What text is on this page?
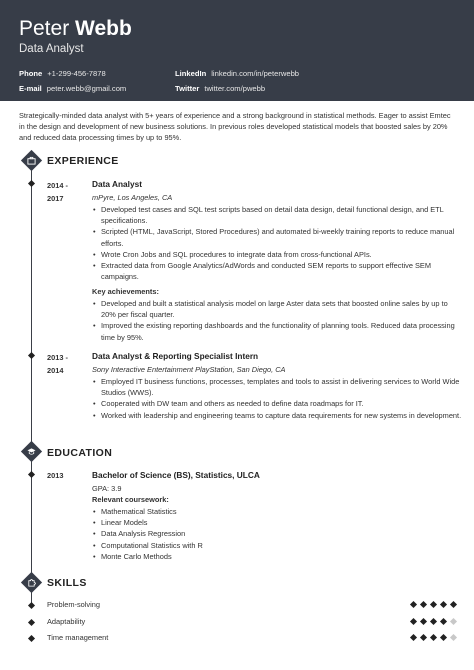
Peter Webb
Data Analyst
Phone +1-299-456-7878
E-mail peter.webb@gmail.com
LinkedIn linkedin.com/in/peterwebb
Twitter twitter.com/pwebb
Strategically-minded data analyst with 5+ years of experience and a strong background in statistical methods. Eager to assist Emtec in the design and development of new business solutions. In previous roles developed statistical models that boosted sales by 20% and reduced data processing times by up to 95%.
EXPERIENCE
2014 -
2017
Data Analyst
mPyre, Los Angeles, CA
• Developed test cases and SQL test scripts based on detail data design, detail functional design, and ETL specifications.
• Scripted (HTML, JavaScript, Stored Procedures) and automated bi-weekly training reports to reduce manual efforts.
• Wrote Cron Jobs and SQL procedures to integrate data from cross-functional APIs.
• Extracted data from Google Analytics/AdWords and conducted SEM reports to support effective SEM campaigns.
Key achievements:
• Developed and built a statistical analysis model on large Aster data sets that boosted online sales by up to 20% per fiscal quarter.
• Improved the existing reporting dashboards and the functionality of planning tools. Reduced data processing time by 95%.
2013 -
2014
Data Analyst & Reporting Specialist Intern
Sony Interactive Entertainment PlayStation, San Diego, CA
• Employed IT business functions, processes, templates and tools to assist in delivering services to World Wide Studios (WWS).
• Cooperated with DW team and others as needed to define data roadmaps for IT.
• Worked with leadership and engineering teams to capture data requirements for new systems in development.
EDUCATION
2013	Bachelor of Science (BS), Statistics, ULCA
GPA: 3.9
Relevant coursework:
• Mathematical Statistics
• Linear Models
• Data Analysis Regression
• Computational Statistics with R
• Monte Carlo Methods
SKILLS
Problem-solving
Adaptability
Time management
